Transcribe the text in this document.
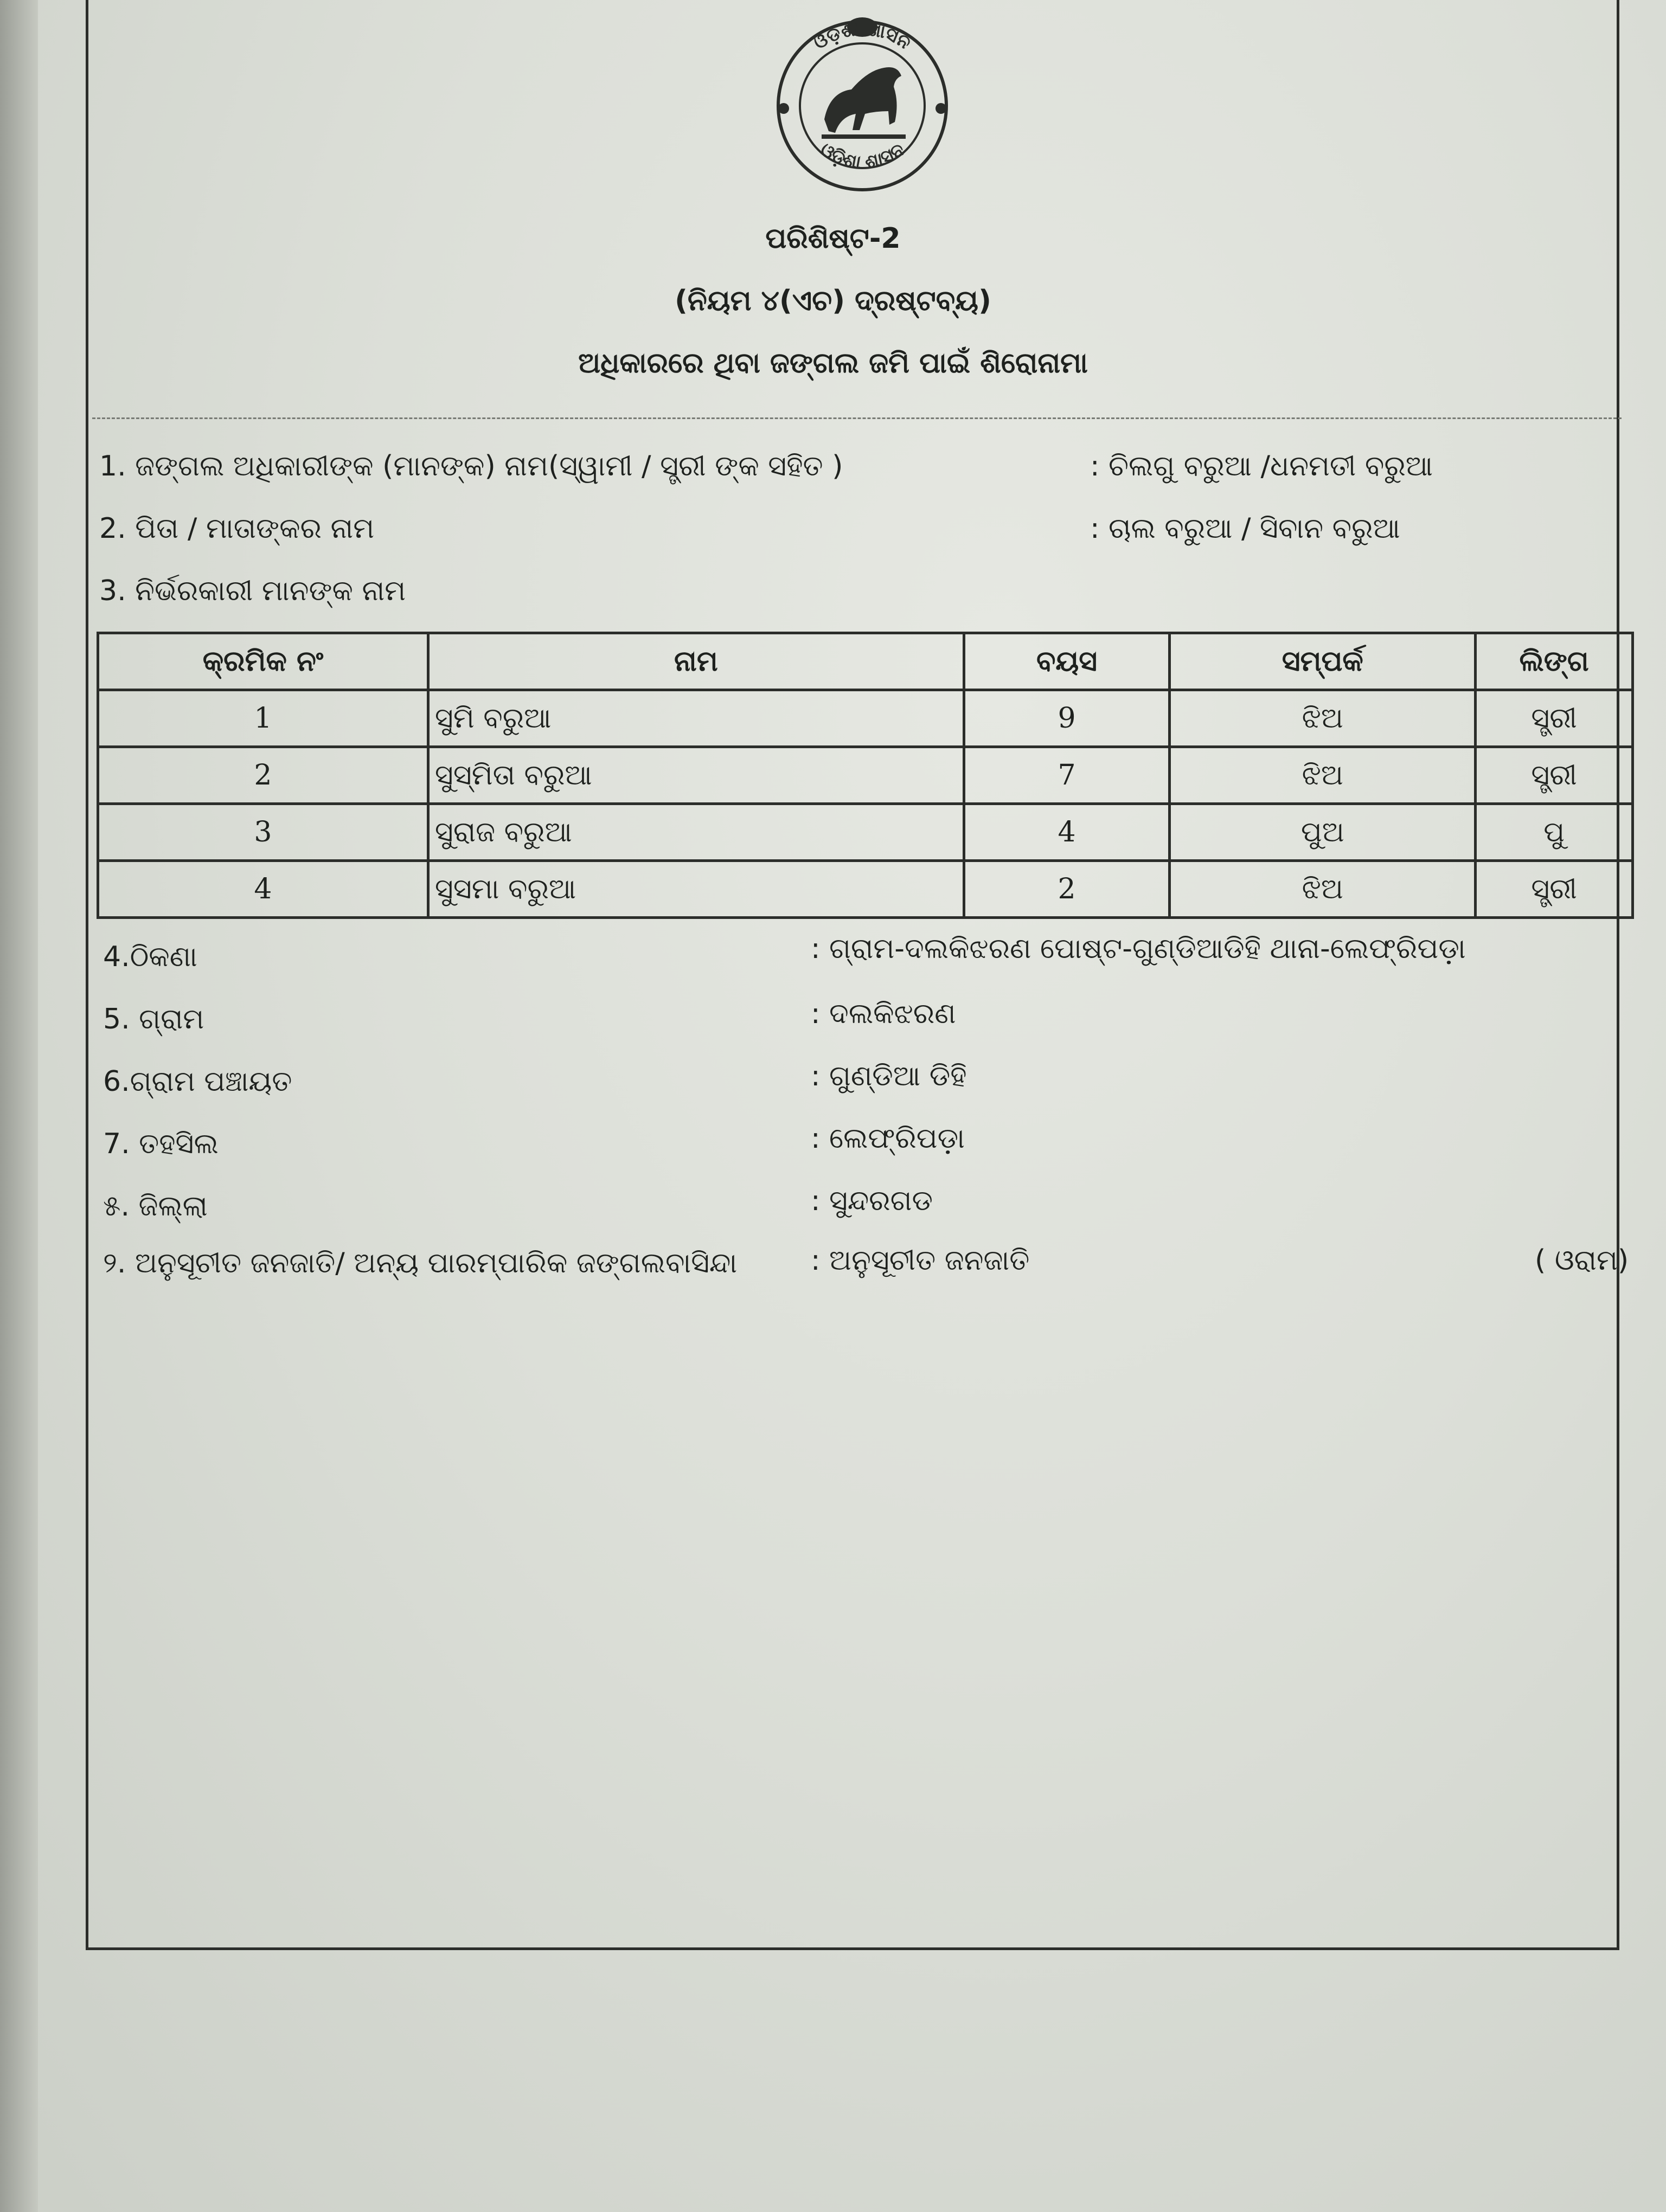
ଓଡ଼ିଶା ଶାସନ
ଓଡ଼ିଶା ଶାସନ
ପରିଶିଷ୍ଟ-2
(ନିୟମ ୪(ଏଚ) ଦ୍ରଷ୍ଟବ୍ୟ)
ଅଧିକାରରେ ଥିବା ଜଙ୍ଗଲ ଜମି ପାଇଁ ଶିରୋନାମା
1. ଜଙ୍ଗଲ ଅଧିକାରୀଙ୍କ (ମାନଙ୍କ) ନାମ(ସ୍ୱାମୀ / ସ୍ତ୍ରୀ ଙ୍କ ସହିତ )	: ଚିଲଗୁ ବରୁଆ /ଧନମତୀ ବରୁଆ
2. ପିତା / ମାତାଙ୍କର ନାମ	: ଚାଲ ବରୁଆ / ସିବାନ ବରୁଆ
3. ନିର୍ଭରକାରୀ ମାନଙ୍କ ନାମ
କ୍ରମିକ ନଂ	ନାମ	ବୟସ	ସମ୍ପର୍କ	ଲିଙ୍ଗ
1	ସୁମି ବରୁଆ	9	ଝିଅ	ସ୍ତ୍ରୀ
2	ସୁସ୍ମିତା ବରୁଆ	7	ଝିଅ	ସ୍ତ୍ରୀ
3	ସୁରାଜ ବରୁଆ	4	ପୁଅ	ପୁ
4	ସୁସମା ବରୁଆ	2	ଝିଅ	ସ୍ତ୍ରୀ
4.ଠିକଣା	: ଗ୍ରାମ-ଦଲକିଝରଣ ପୋଷ୍ଟ-ଗୁଣ୍ଡିଆଡିହି ଥାନା-ଲେଫ୍ରିପଡ଼ା
5. ଗ୍ରାମ	: ଦଲକିଝରଣ
6.ଗ୍ରାମ ପଞ୍ଚାୟତ	: ଗୁଣ୍ଡିଆ ଡିହି
7. ତହସିଲ	: ଲେଫ୍ରିପଡ଼ା
୫. ଜିଲ୍ଲା	: ସୁନ୍ଦରଗଡ
୨. ଅନୁସୂଚୀତ ଜନଜାତି/ ଅନ୍ୟ ପାରମ୍ପାରିକ ଜଙ୍ଗଲବାସିନ୍ଦା	: ଅନୁସୂଚୀତ ଜନଜାତି	( ଓରାମ)
